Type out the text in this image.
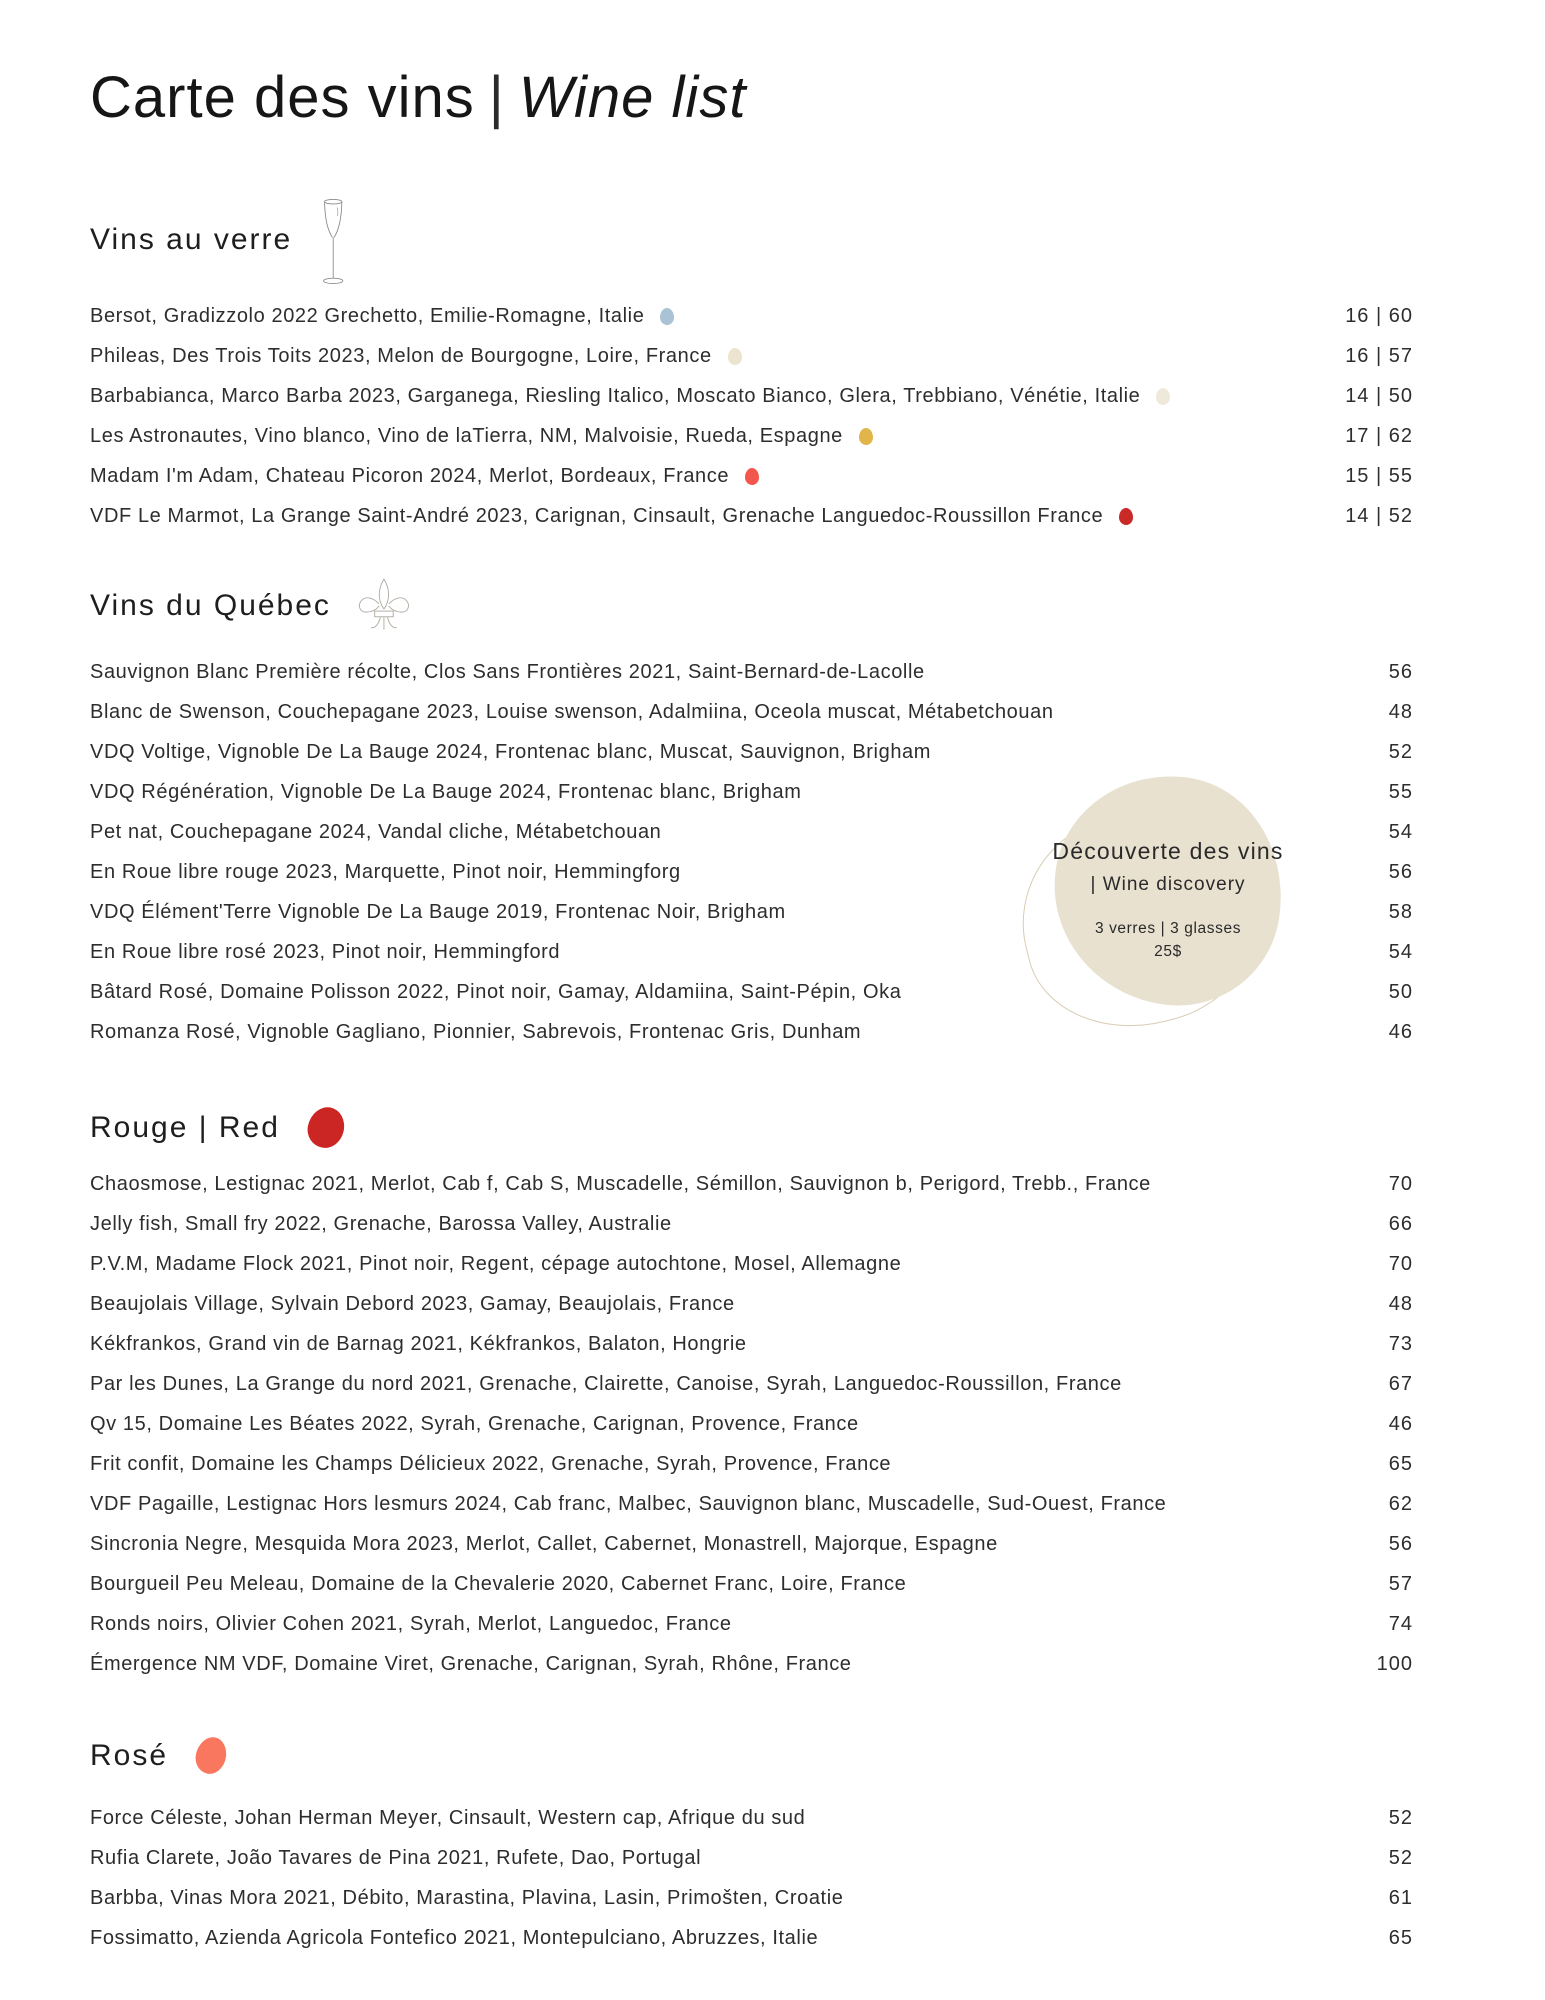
Carte des vins | Wine list
Vins au verre
Bersot, Gradizzolo 2022 Grechetto, Emilie-Romagne, Italie	16 | 60
Phileas, Des Trois Toits 2023, Melon de Bourgogne, Loire, France	16 | 57
Barbabianca, Marco Barba 2023, Garganega, Riesling Italico, Moscato Bianco, Glera, Trebbiano, Vénétie, Italie	14 | 50
Les Astronautes, Vino blanco, Vino de laTierra, NM, Malvoisie, Rueda, Espagne	17 | 62
Madam I'm Adam, Chateau Picoron 2024, Merlot, Bordeaux, France	15 | 55
VDF Le Marmot, La Grange Saint-André 2023, Carignan, Cinsault, Grenache Languedoc-Roussillon France	14 | 52
Vins du Québec
Sauvignon Blanc Première récolte, Clos Sans Frontières 2021, Saint-Bernard-de-Lacolle	56
Blanc de Swenson, Couchepagane 2023, Louise swenson, Adalmiina, Oceola muscat, Métabetchouan	48
VDQ Voltige, Vignoble De La Bauge 2024, Frontenac blanc, Muscat, Sauvignon, Brigham	52
VDQ Régénération, Vignoble De La Bauge 2024, Frontenac blanc, Brigham	55
Pet nat, Couchepagane 2024, Vandal cliche, Métabetchouan	54
En Roue libre rouge 2023, Marquette, Pinot noir, Hemmingforg	56
VDQ Élément'Terre Vignoble De La Bauge 2019, Frontenac Noir, Brigham	58
En Roue libre rosé 2023, Pinot noir, Hemmingford	54
Bâtard Rosé, Domaine Polisson 2022, Pinot noir, Gamay, Aldamiina, Saint-Pépin, Oka	50
Romanza Rosé, Vignoble Gagliano, Pionnier, Sabrevois, Frontenac Gris, Dunham	46
Rouge | Red
Chaosmose, Lestignac 2021, Merlot, Cab f, Cab S, Muscadelle, Sémillon, Sauvignon b, Perigord, Trebb., France	70
Jelly fish, Small fry 2022, Grenache, Barossa Valley, Australie	66
P.V.M, Madame Flock 2021, Pinot noir, Regent, cépage autochtone, Mosel, Allemagne	70
Beaujolais Village, Sylvain Debord 2023, Gamay, Beaujolais, France	48
Kékfrankos, Grand vin de Barnag 2021, Kékfrankos, Balaton, Hongrie	73
Par les Dunes, La Grange du nord 2021, Grenache, Clairette, Canoise, Syrah, Languedoc-Roussillon, France	67
Qv 15, Domaine Les Béates 2022, Syrah, Grenache, Carignan, Provence, France	46
Frit confit, Domaine les Champs Délicieux 2022, Grenache, Syrah, Provence, France	65
VDF Pagaille, Lestignac Hors lesmurs 2024, Cab franc, Malbec, Sauvignon blanc, Muscadelle, Sud-Ouest, France	62
Sincronia Negre, Mesquida Mora 2023, Merlot, Callet, Cabernet, Monastrell, Majorque, Espagne	56
Bourgueil Peu Meleau, Domaine de la Chevalerie 2020, Cabernet Franc, Loire, France	57
Ronds noirs, Olivier Cohen 2021, Syrah, Merlot, Languedoc, France	74
Émergence NM VDF, Domaine Viret, Grenache, Carignan, Syrah, Rhône, France	100
Rosé
Force Céleste, Johan Herman Meyer, Cinsault, Western cap, Afrique du sud	52
Rufia Clarete, João Tavares de Pina 2021, Rufete, Dao, Portugal	52
Barbba, Vinas Mora 2021, Débito, Marastina, Plavina, Lasin, Primošten, Croatie	61
Fossimatto, Azienda Agricola Fontefico 2021, Montepulciano, Abruzzes, Italie	65
Découverte des vins
| Wine discovery
3 verres | 3 glasses
25$
